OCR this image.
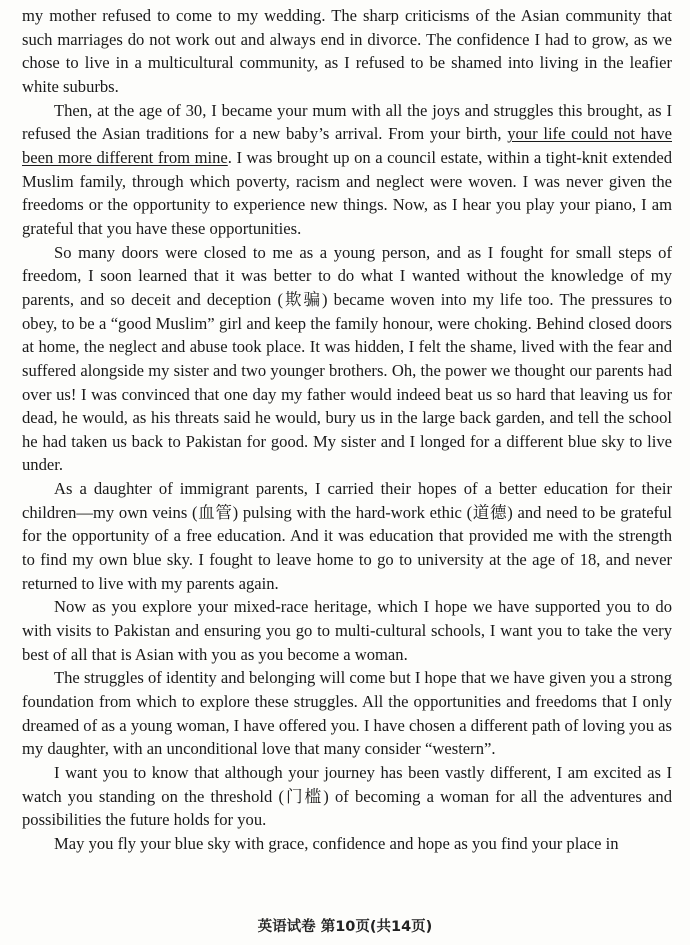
my mother refused to come to my wedding. The sharp criticisms of the Asian community that such marriages do not work out and always end in divorce. The confidence I had to grow, as we chose to live in a multicultural community, as I refused to be shamed into living in the leafier white suburbs.

Then, at the age of 30, I became your mum with all the joys and struggles this brought, as I refused the Asian traditions for a new baby’s arrival. From your birth, your life could not have been more different from mine. I was brought up on a council estate, within a tight-knit extended Muslim family, through which poverty, racism and neglect were woven. I was never given the freedoms or the opportunity to experience new things. Now, as I hear you play your piano, I am grateful that you have these opportunities.

So many doors were closed to me as a young person, and as I fought for small steps of freedom, I soon learned that it was better to do what I wanted without the knowledge of my parents, and so deceit and deception (欺骗) became woven into my life too. The pressures to obey, to be a “good Muslim” girl and keep the family honour, were choking. Behind closed doors at home, the neglect and abuse took place. It was hidden, I felt the shame, lived with the fear and suffered alongside my sister and two younger brothers. Oh, the power we thought our parents had over us! I was convinced that one day my father would indeed beat us so hard that leaving us for dead, he would, as his threats said he would, bury us in the large back garden, and tell the school he had taken us back to Pakistan for good. My sister and I longed for a different blue sky to live under.

As a daughter of immigrant parents, I carried their hopes of a better education for their children—my own veins (血管) pulsing with the hard-work ethic (道德) and need to be grateful for the opportunity of a free education. And it was education that provided me with the strength to find my own blue sky. I fought to leave home to go to university at the age of 18, and never returned to live with my parents again.

Now as you explore your mixed-race heritage, which I hope we have supported you to do with visits to Pakistan and ensuring you go to multi-cultural schools, I want you to take the very best of all that is Asian with you as you become a woman.

The struggles of identity and belonging will come but I hope that we have given you a strong foundation from which to explore these struggles. All the opportunities and freedoms that I only dreamed of as a young woman, I have offered you. I have chosen a different path of loving you as my daughter, with an unconditional love that many consider “western”.

I want you to know that although your journey has been vastly different, I am excited as I watch you standing on the threshold (门槛) of becoming a woman for all the adventures and possibilities the future holds for you.

May you fly your blue sky with grace, confidence and hope as you find your place in

英语试卷 第10页(共14页)
